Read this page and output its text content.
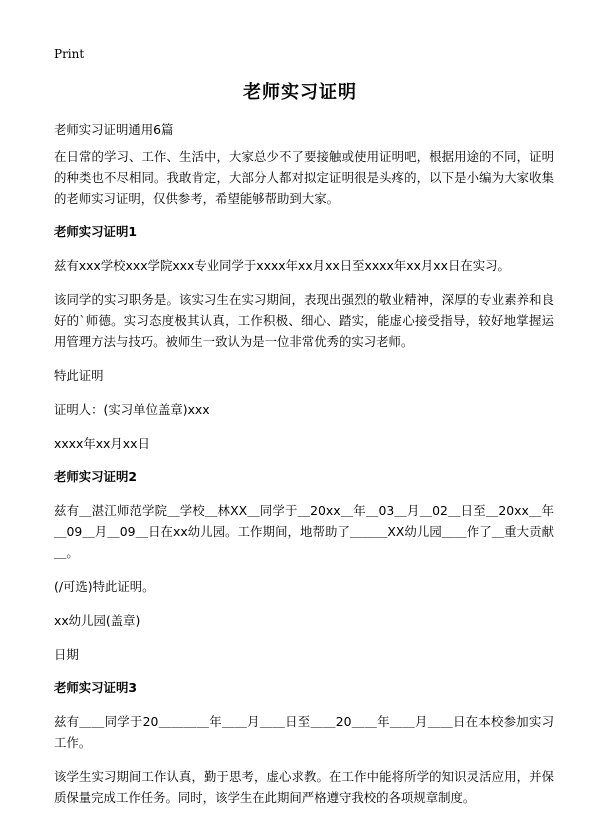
Print
老师实习证明

老师实习证明通用6篇

在日常的学习、工作、生活中，大家总少不了要接触或使用证明吧，根据用途的不同，证明的种类也不尽相同。我敢肯定，大部分人都对拟定证明很是头疼的，以下是小编为大家收集的老师实习证明，仅供参考，希望能够帮助到大家。

老师实习证明1

兹有xxx学校xxx学院xxx专业同学于xxxx年xx月xx日至xxxx年xx月xx日在实习。

该同学的实习职务是。该实习生在实习期间，表现出强烈的敬业精神，深厚的专业素养和良好的`师德。实习态度极其认真，工作积极、细心、踏实，能虚心接受指导，较好地掌握运用管理方法与技巧。被师生一致认为是一位非常优秀的实习老师。

特此证明

证明人：(实习单位盖章)xxx

xxxx年xx月xx日

老师实习证明2

兹有＿湛江师范学院＿学校＿林XX＿同学于＿20xx＿年＿03＿月＿02＿日至＿20xx＿年＿09＿月＿09＿日在xx幼儿园。工作期间，地帮助了＿＿＿XX幼儿园＿＿作了＿重大贡献＿。

(/可选)特此证明。

xx幼儿园(盖章)

日期

老师实习证明3

兹有＿＿同学于20＿＿＿＿年＿＿月＿＿日至＿＿20＿＿年＿＿月＿＿日在本校参加实习工作。

该学生实习期间工作认真，勤于思考，虚心求教。在工作中能将所学的知识灵活应用，并保质保量完成工作任务。同时，该学生在此期间严格遵守我校的各项规章制度。
